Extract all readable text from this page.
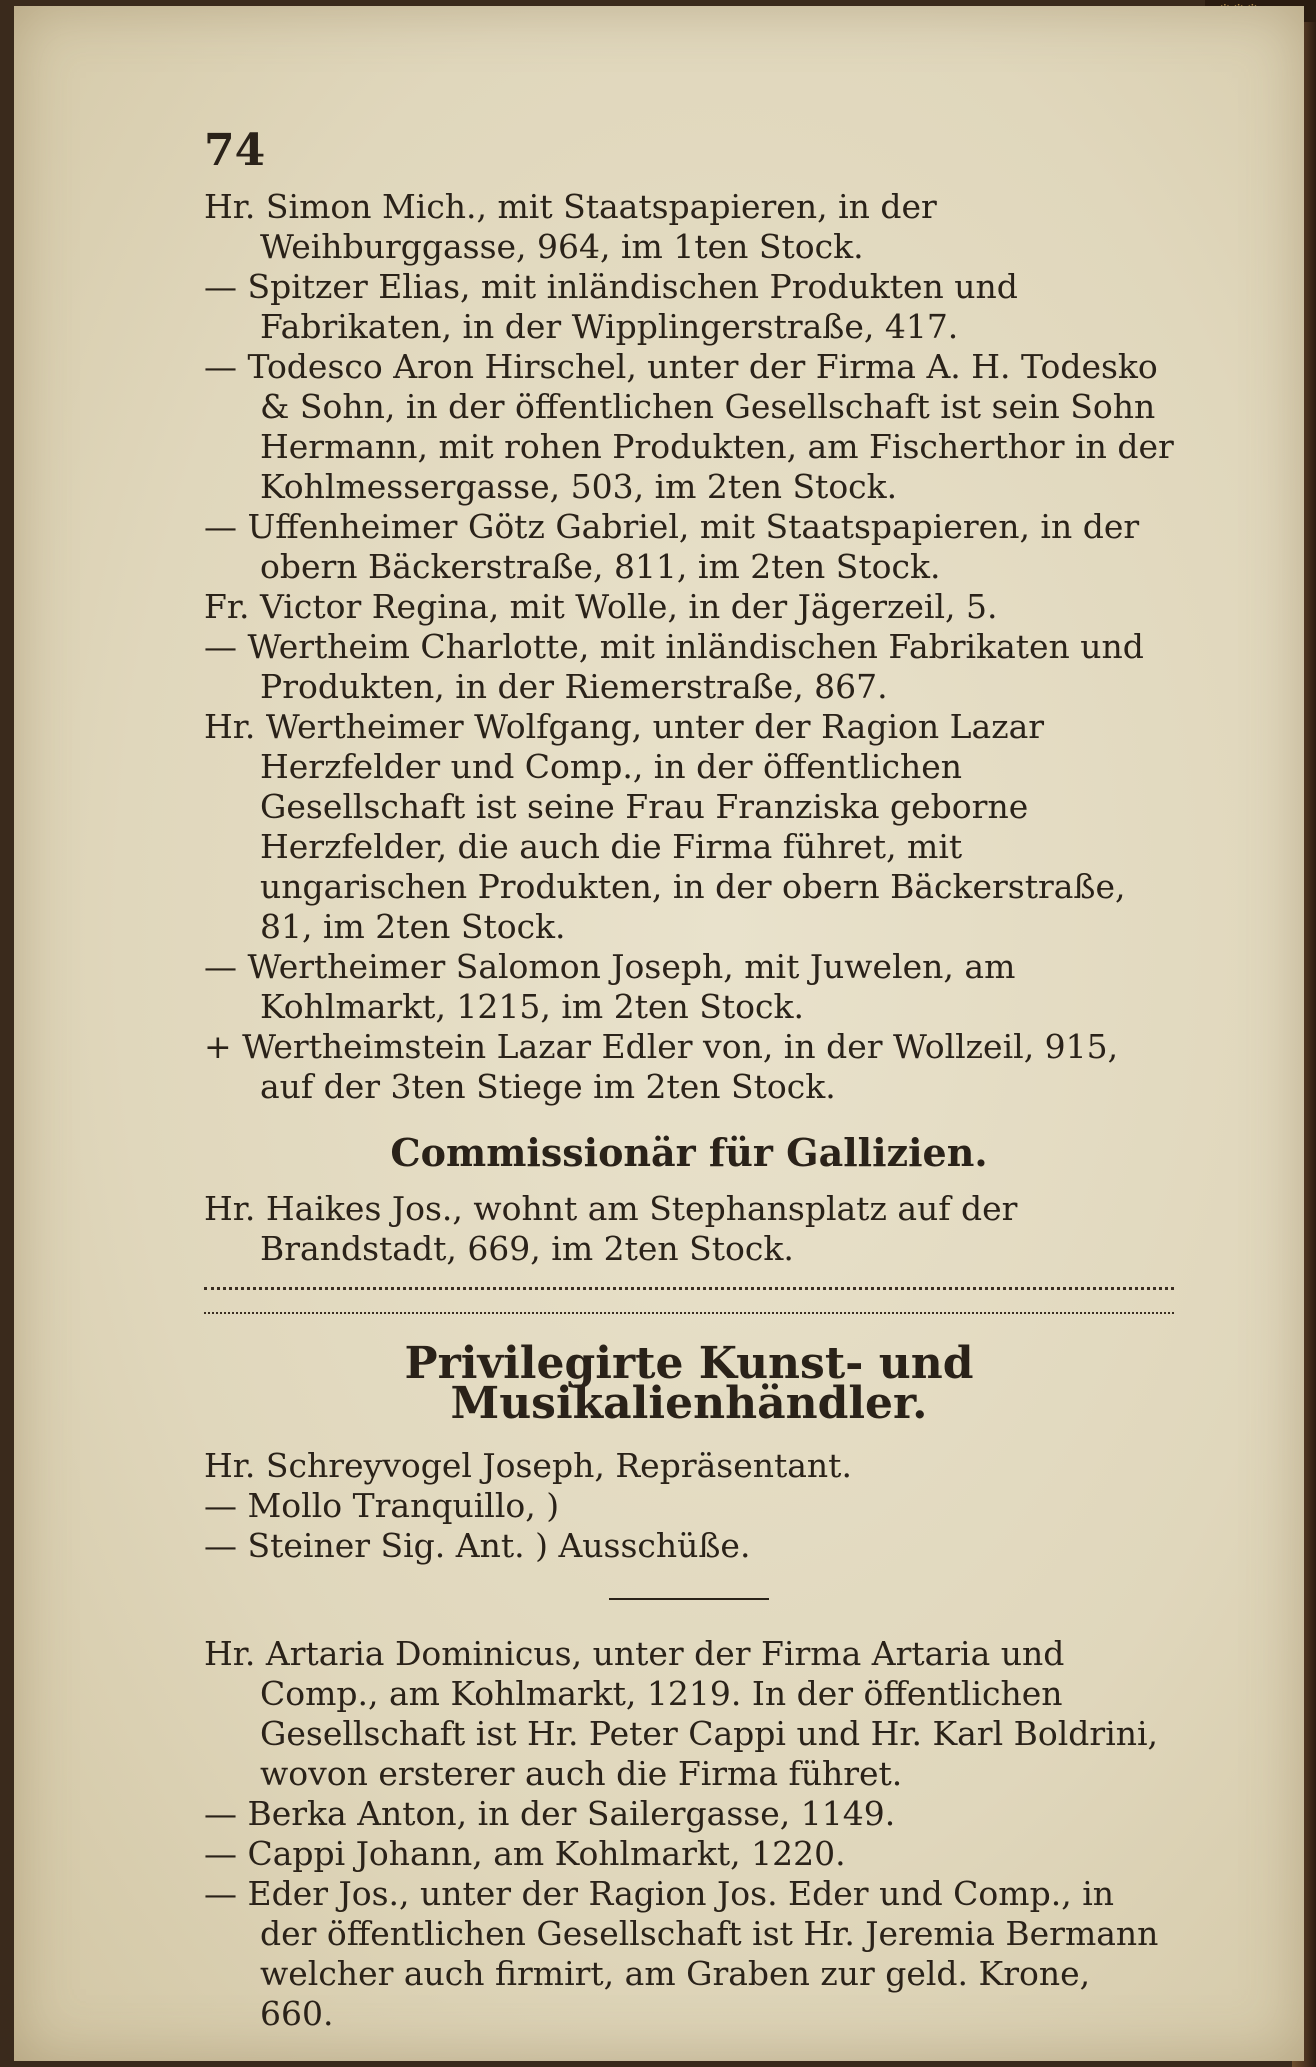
74

Hr. Simon Mich., mit Staatspapieren, in der Weihburggasse, 964, im 1ten Stock.

— Spitzer Elias, mit inländischen Produkten und Fabrikaten, in der Wipplingerstraße, 417.

— Todesco Aron Hirschel, unter der Firma A. H. Todesko & Sohn, in der öffentlichen Gesellschaft ist sein Sohn Hermann, mit rohen Produkten, am Fischerthor in der Kohlmessergasse, 503, im 2ten Stock.

— Uffenheimer Götz Gabriel, mit Staatspapieren, in der obern Bäckerstraße, 811, im 2ten Stock.

Fr. Victor Regina, mit Wolle, in der Jägerzeil, 5.

— Wertheim Charlotte, mit inländischen Fabrikaten und Produkten, in der Riemerstraße, 867.

Hr. Wertheimer Wolfgang, unter der Ragion Lazar Herzfelder und Comp., in der öffentlichen Gesellschaft ist seine Frau Franziska geborne Herzfelder, die auch die Firma führet, mit ungarischen Produkten, in der obern Bäckerstraße, 81, im 2ten Stock.

— Wertheimer Salomon Joseph, mit Juwelen, am Kohlmarkt, 1215, im 2ten Stock.

+ Wertheimstein Lazar Edler von, in der Wollzeil, 915, auf der 3ten Stiege im 2ten Stock.

Commissionär für Gallizien.

Hr. Haikes Jos., wohnt am Stephansplatz auf der Brandstadt, 669, im 2ten Stock.

Privilegirte Kunst- und Musikalienhändler.

Hr. Schreyvogel Joseph, Repräsentant.

— Mollo Tranquillo, )

— Steiner Sig. Ant. ) Ausschüße.

Hr. Artaria Dominicus, unter der Firma Artaria und Comp., am Kohlmarkt, 1219. In der öffentlichen Gesellschaft ist Hr. Peter Cappi und Hr. Karl Boldrini, wovon ersterer auch die Firma führet.

— Berka Anton, in der Sailergasse, 1149.

— Cappi Johann, am Kohlmarkt, 1220.

— Eder Jos., unter der Ragion Jos. Eder und Comp., in der öffentlichen Gesellschaft ist Hr. Jeremia Bermann welcher auch firmirt, am Graben zur geld. Krone, 660.
